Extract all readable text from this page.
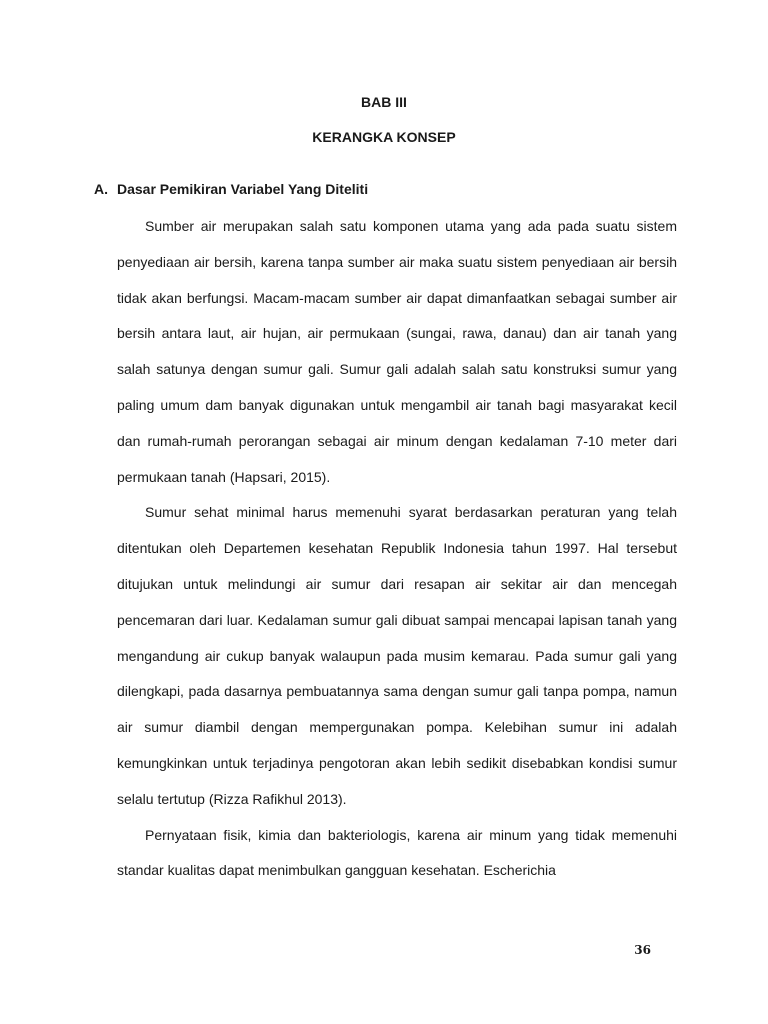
BAB III
KERANGKA KONSEP
A. Dasar Pemikiran Variabel Yang Diteliti

Sumber air merupakan salah satu komponen utama yang ada pada suatu sistem penyediaan air bersih, karena tanpa sumber air maka suatu sistem penyediaan air bersih tidak akan berfungsi. Macam-macam sumber air dapat dimanfaatkan sebagai sumber air bersih antara laut, air hujan, air permukaan (sungai, rawa, danau) dan air tanah yang salah satunya dengan sumur gali. Sumur gali adalah salah satu konstruksi sumur yang paling umum dam banyak digunakan untuk mengambil air tanah bagi masyarakat kecil dan rumah-rumah perorangan sebagai air minum dengan kedalaman 7-10 meter dari permukaan tanah (Hapsari, 2015).

Sumur sehat minimal harus memenuhi syarat berdasarkan peraturan yang telah ditentukan oleh Departemen kesehatan Republik Indonesia tahun 1997. Hal tersebut ditujukan untuk melindungi air sumur dari resapan air sekitar air dan mencegah pencemaran dari luar. Kedalaman sumur gali dibuat sampai mencapai lapisan tanah yang mengandung air cukup banyak walaupun pada musim kemarau. Pada sumur gali yang dilengkapi, pada dasarnya pembuatannya sama dengan sumur gali tanpa pompa, namun air sumur diambil dengan mempergunakan pompa. Kelebihan sumur ini adalah kemungkinkan untuk terjadinya pengotoran akan lebih sedikit disebabkan kondisi sumur selalu tertutup (Rizza Rafikhul 2013).

Pernyataan fisik, kimia dan bakteriologis, karena air minum yang tidak memenuhi standar kualitas dapat menimbulkan gangguan kesehatan. Escherichia

36
